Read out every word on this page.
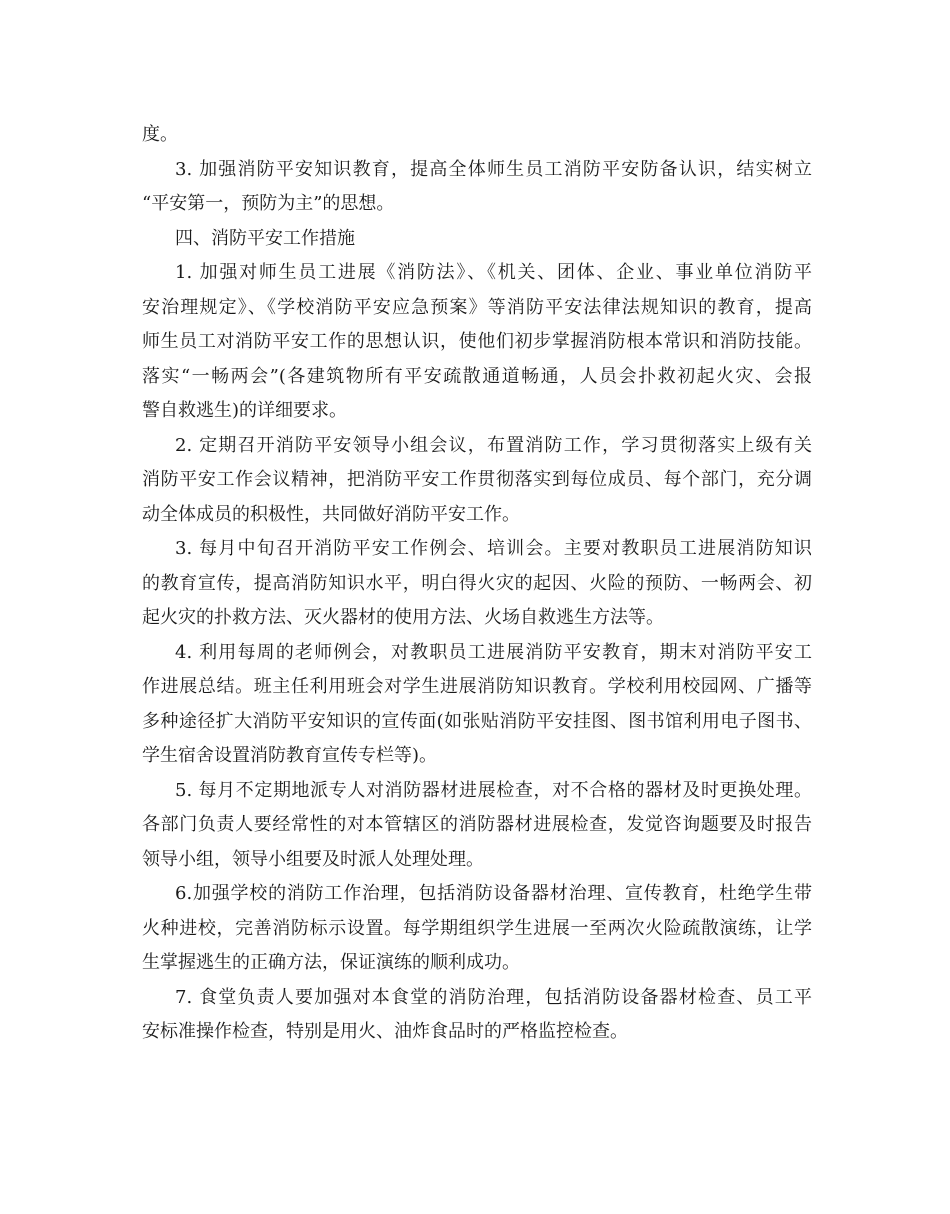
度。
3. 加强消防平安知识教育，提高全体师生员工消防平安防备认识，结实树立
“平安第一，预防为主”的思想。
四、消防平安工作措施
1. 加强对师生员工进展《消防法》、《机关、团体、企业、事业单位消防平
安治理规定》、《学校消防平安应急预案》等消防平安法律法规知识的教育，提高
师生员工对消防平安工作的思想认识，使他们初步掌握消防根本常识和消防技能。
落实“一畅两会”(各建筑物所有平安疏散通道畅通，人员会扑救初起火灾、会报
警自救逃生)的详细要求。
2. 定期召开消防平安领导小组会议，布置消防工作，学习贯彻落实上级有关
消防平安工作会议精神，把消防平安工作贯彻落实到每位成员、每个部门，充分调
动全体成员的积极性，共同做好消防平安工作。
3. 每月中旬召开消防平安工作例会、培训会。主要对教职员工进展消防知识
的教育宣传，提高消防知识水平，明白得火灾的起因、火险的预防、一畅两会、初
起火灾的扑救方法、灭火器材的使用方法、火场自救逃生方法等。
4. 利用每周的老师例会，对教职员工进展消防平安教育，期末对消防平安工
作进展总结。班主任利用班会对学生进展消防知识教育。学校利用校园网、广播等
多种途径扩大消防平安知识的宣传面(如张贴消防平安挂图、图书馆利用电子图书、
学生宿舍设置消防教育宣传专栏等)。
5. 每月不定期地派专人对消防器材进展检查，对不合格的器材及时更换处理。
各部门负责人要经常性的对本管辖区的消防器材进展检查，发觉咨询题要及时报告
领导小组，领导小组要及时派人处理处理。
6.加强学校的消防工作治理，包括消防设备器材治理、宣传教育，杜绝学生带
火种进校，完善消防标示设置。每学期组织学生进展一至两次火险疏散演练，让学
生掌握逃生的正确方法，保证演练的顺利成功。
7. 食堂负责人要加强对本食堂的消防治理，包括消防设备器材检查、员工平
安标准操作检查，特别是用火、油炸食品时的严格监控检查。
